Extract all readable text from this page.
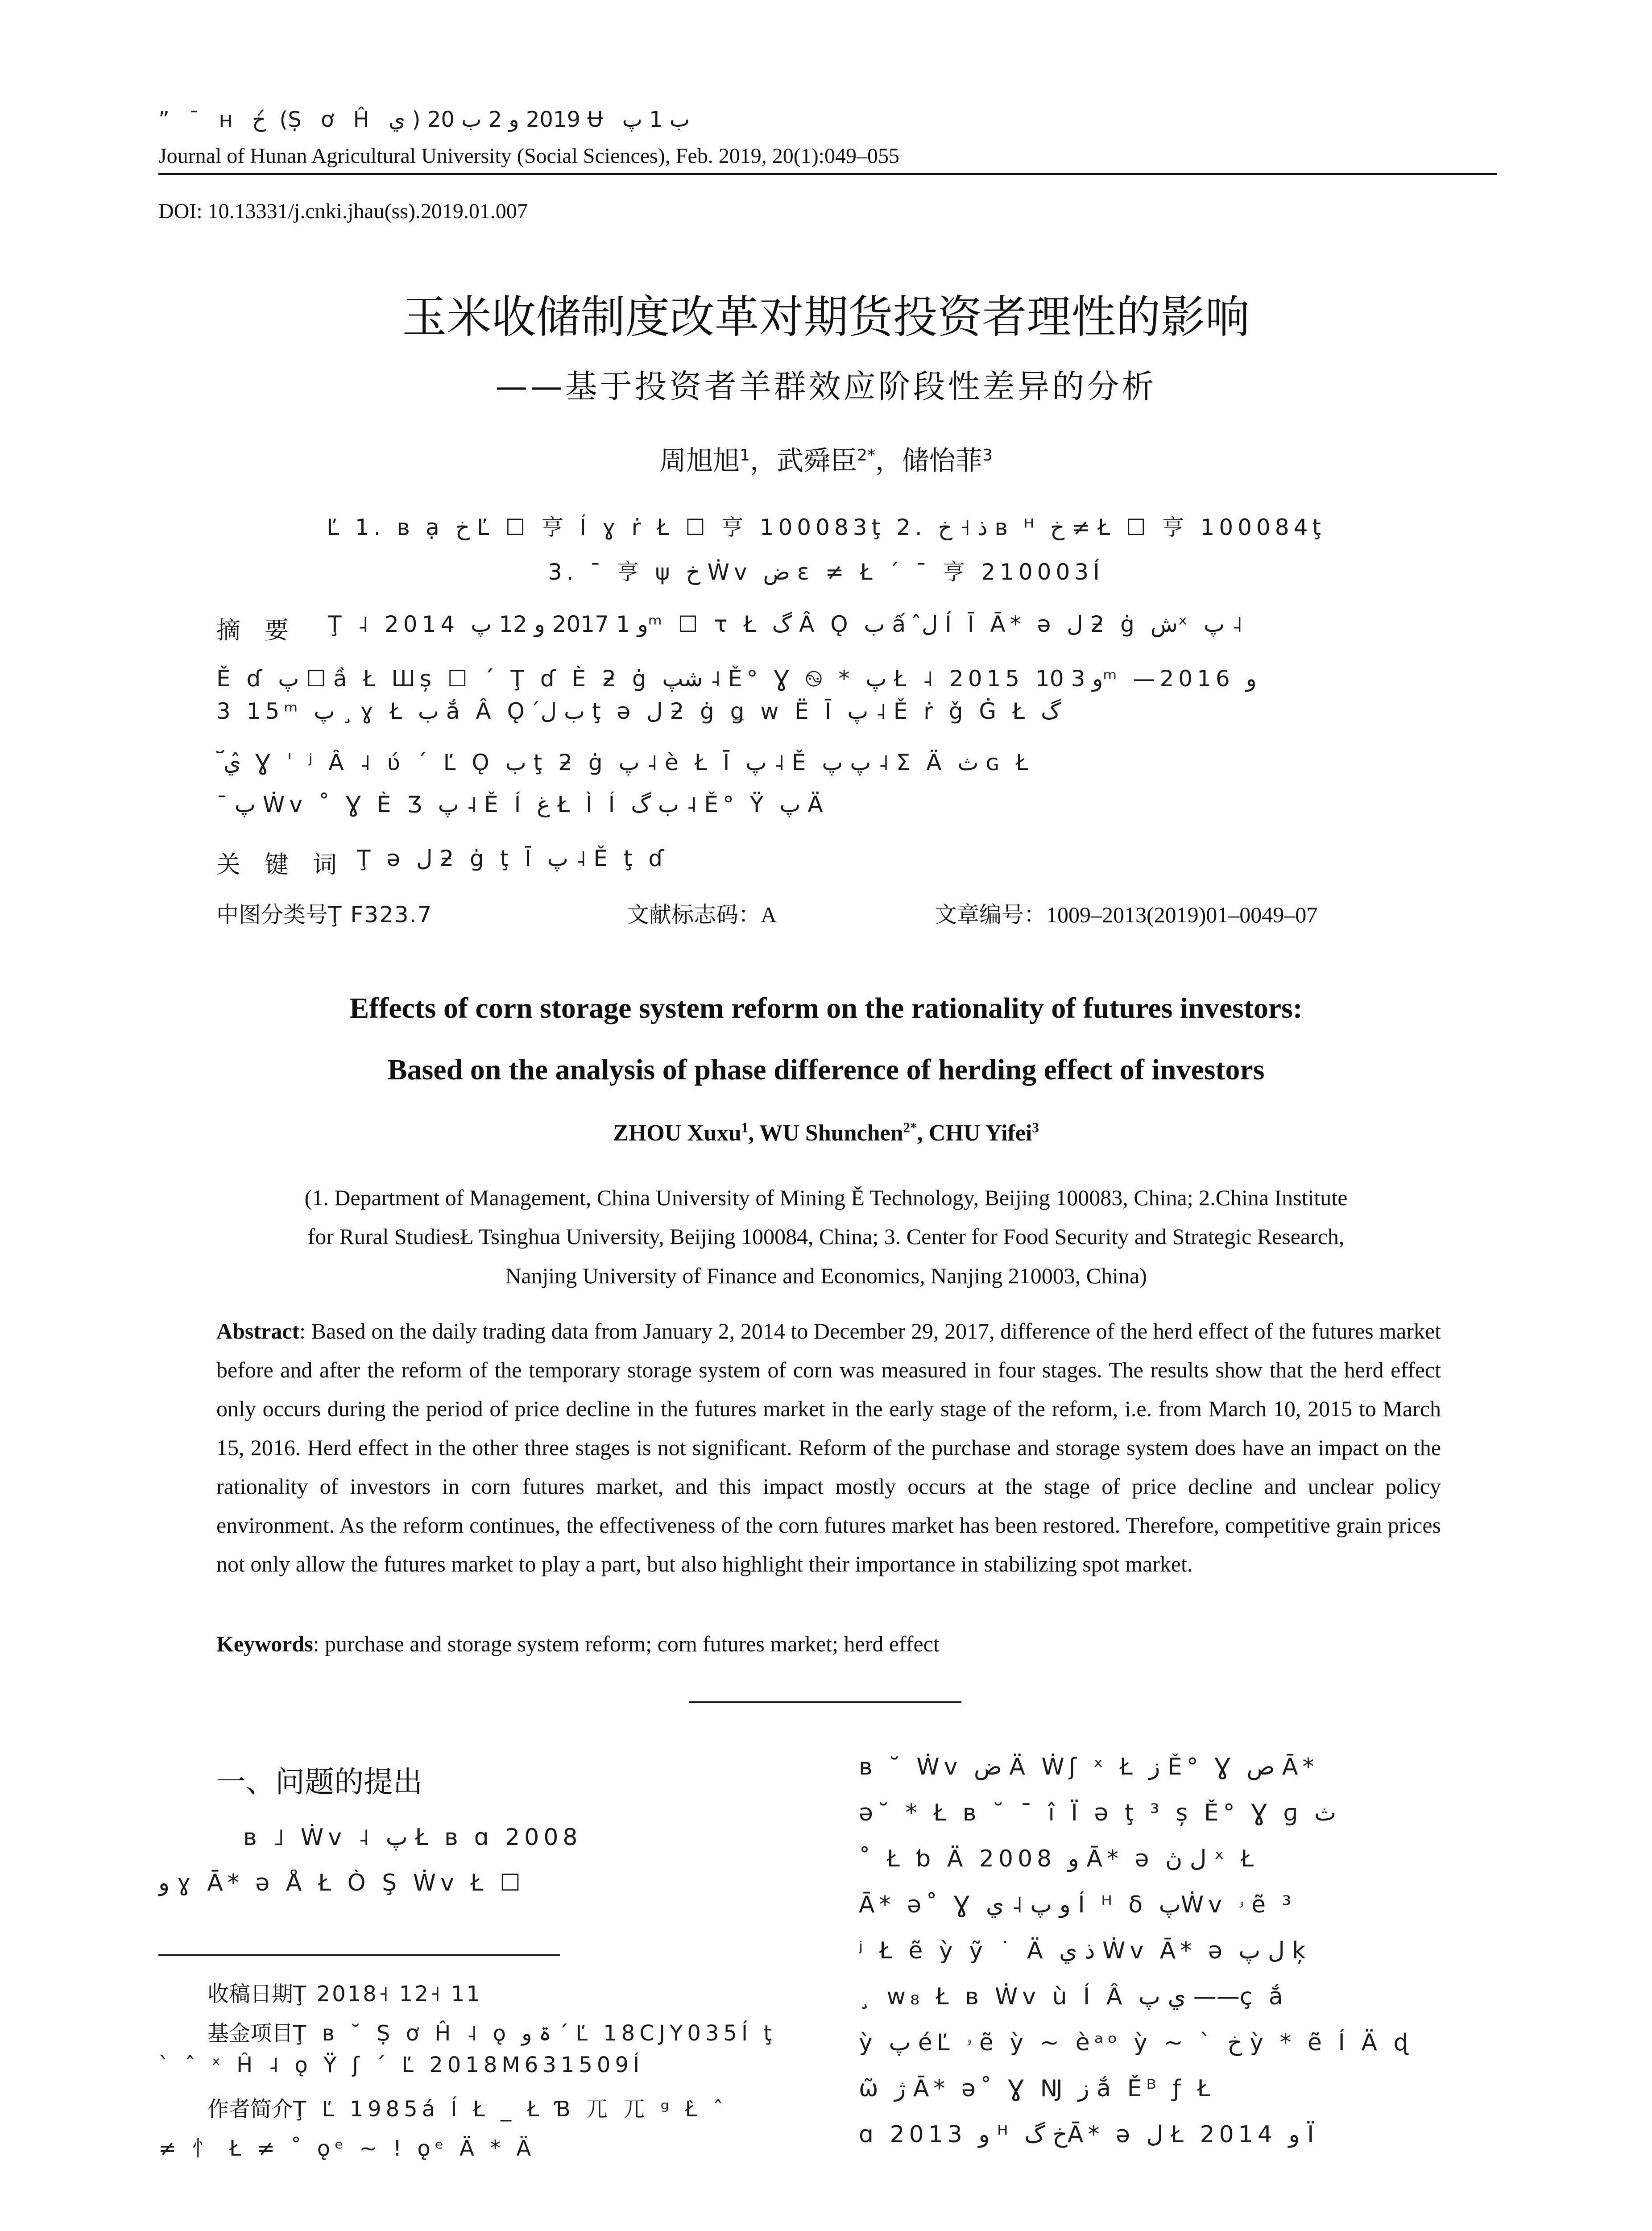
” ¯ ʜ خ ́ (Ṣ ơ Ĥ ي ) 2019 و 2 ب 20 Ʉ ب 1 پ
Journal of Hunan Agricultural University (Social Sciences), Feb. 2019, 20(1):049–055
DOI: 10.13331/j.cnki.jhau(ss).2019.01.007
玉米收储制度改革对期货投资者理性的影响
——基于投资者羊群效应阶段性差异的分析
周旭旭$^1$，武舜臣$^{2*}$，储怡菲$^3$
Ľ 1. ʙ ạ خ Ľ ☐ 亨 Í ɣ ṙ Ł ☐ 亨 100083ţ 2. ذ ˧ خ ʙ ᴴ خ ≠ Ł ☐ 亨 100084ţ
3. ¯ 亨 ψ خ Ẇv ض ε ≠ Ł ´ ¯ 亨 210003Í
摘　要 Ţ ˨ 2014 و 1 2017 و 12 پᵐ ☐ τ Ł گ Â Ǫ ب ấ ل̂ Í Ī Ā* ə ل ƻ ġ شˣ پ ˨
Ě ɗ پ ☐ ầ Ł Шș ☐ ´ Ţ ɗ È ƻ ġ شپ ˨ Ě° Ɣ ࿊ * پ Ł ˨ 2015 و 3 10ᵐ —2016 و
3 15ᵐ پ ¸ ɣ Ł ب ắ Â Ǫ ب ل́ ţ ə ل ƻ ġ ǥ w Ë Ī پ ˨ Ě ṙ ǧ Ġ Ł گ
͠ ي ̂ Ɣ ˈ ʲ Â ˨ ʋ́ ´ Ľ Ǫ ب ţ ƻ ġ پ ˨ è Ł Ī پ ˨ Ě پ پ ˨ Σ Ä ث ɢ Ł
¯ پ Ẇv ˚ Ɣ È Ʒ پ ˨ Ě Í غ Ł Ì Í ب گ ˨ Ě° Ÿ پ Ä
关　键　词 Ţ ə ل ƻ ġ ţ Ī پ ˨ Ě ţ ɗ
中图分类号Ţ F323.7	文献标志码：A	文章编号：1009–2013(2019)01–0049–07
Effects of corn storage system reform on the rationality of futures investors:
Based on the analysis of phase difference of herding effect of investors
ZHOU Xuxu$^1$, WU Shunchen$^{2*}$, CHU Yifei$^3$
(1. Department of Management, China University of Mining Ě Technology, Beijing 100083, China; 2.China Institute
for Rural StudiesŁ Tsinghua University, Beijing 100084, China; 3. Center for Food Security and Strategic Research,
Nanjing University of Finance and Economics, Nanjing 210003, China)

Abstract: Based on the daily trading data from January 2, 2014 to December 29, 2017, difference of the herd effect of the futures market before and after the reform of the temporary storage system of corn was measured in four stages. The results show that the herd effect only occurs during the period of price decline in the futures market in the early stage of the reform, i.e. from March 10, 2015 to March 15, 2016. Herd effect in the other three stages is not significant. Reform of the purchase and storage system does have an impact on the rationality of investors in corn futures market, and this impact mostly occurs at the stage of price decline and unclear policy environment. As the reform continues, the effectiveness of the corn futures market has been restored. Therefore, competitive grain prices not only allow the futures market to play a part, but also highlight their importance in stabilizing spot market.

Keywords: purchase and storage system reform; corn futures market; herd effect
一、问题的提出
ʙ ˩ Ẇv ˨ پ Ł ʙ ɑ 2008
و ɣ Ā* ə Å Ł Ò Ş Ẇv Ł ☐
收稿日期Ţ 2018˧ 12˧ 11
基金项目Ţ ʙ ˘ Ṣ ơ Ĥ ˨ ǫ ۃ و ´ Ľ 18CJY035Í ţ
` ˆ ˣ Ĥ ˨ ǫ Ÿ ʃ ´ Ľ 2018M631509Í
作者简介Ţ Ľ 1985á Í Ł _ Ł Ɓ ⺎ ⺎ ᵍ Ł̀ ˆ
≠ ⺖ Ł ≠ ˚ ǫᵉ ~ ! ǫᵉ Ä * Ä
ʙ ˘ Ẇv ض Ä Ẇʃ ˣ Ł ز Ě° Ɣ ص Ā*
ə˘ * Ł ʙ ˘ ¯ î Ï ə ţ ³ ș Ě° Ɣ ɡ ث
˚ Ł ƅ Ä 2008 و Ā* ə ل ڽ ˣ Ł
Ā* ə˚ Ɣ و پ ˨ ي Í ᴴ ẟ پẆv ۥ ẽ ³
ʲ Ł ẽ ỳ ỹ ˙ Ä ذ ي Ẇv Ā* ə ل پ ķ
¸ w₈ Ł ʙ Ẇv ù Í Â ي پ ——ç ắ
ỳ پ éĽ ۥ ẽ ỳ ~ èᵃᵒ ỳ ~ ˋ خ ỳ * ẽ Í Ä ɖ
ῶ ژ Ā* ə˚ Ɣ Ǌ ز ắ Ěᴮ ƒ Ł
ɑ 2013 و ᴴ خ گĀ* ə ل Ł 2014 و Ï
